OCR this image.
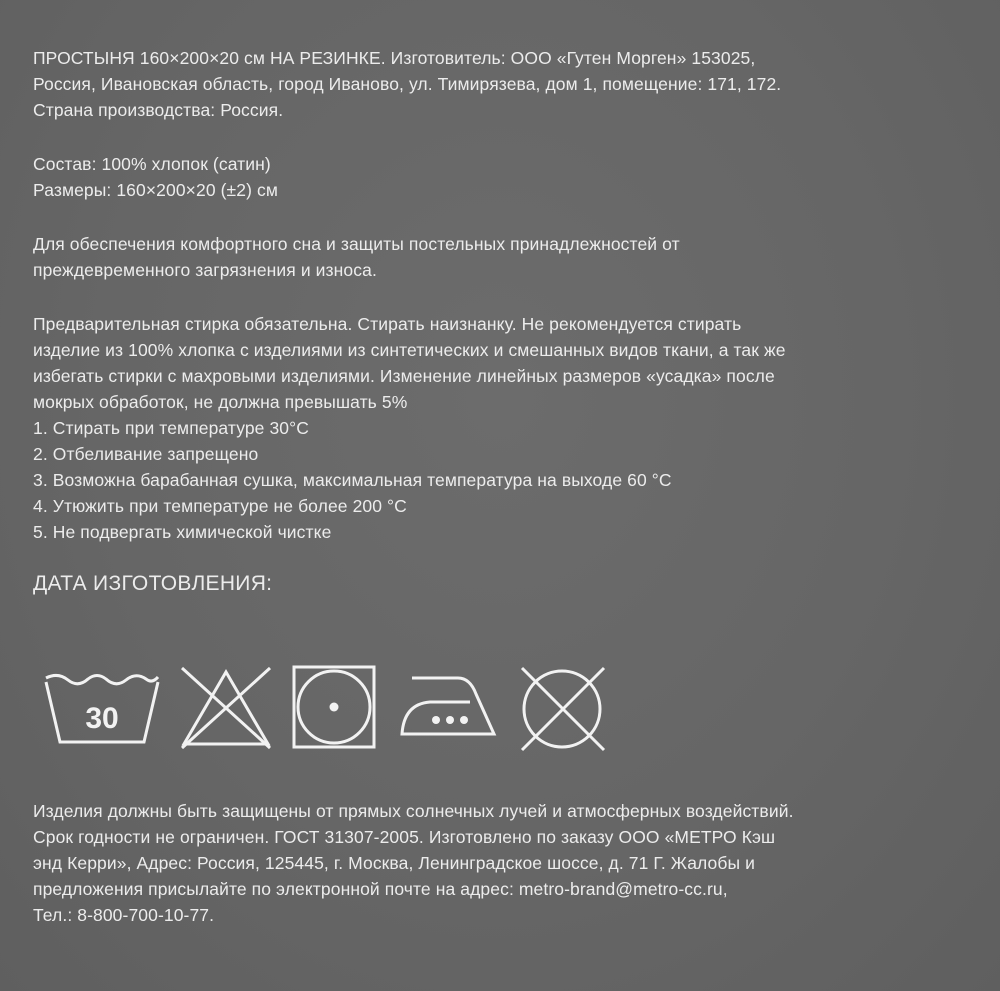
ПРОСТЫНЯ 160×200×20 см НА РЕЗИНКЕ. Изготовитель: ООО «Гутен Морген» 153025,

Россия, Ивановская область, город Иваново, ул. Тимирязева, дом 1, помещение: 171, 172.

Страна производства: Россия.

Состав: 100% хлопок (сатин)

Размеры: 160×200×20 (±2) см

Для обеспечения комфортного сна и защиты постельных принадлежностей от

преждевременного загрязнения и износа.

Предварительная стирка обязательна. Стирать наизнанку. Не рекомендуется стирать

изделие из 100% хлопка с изделиями из синтетических и смешанных видов ткани, а так же

избегать стирки с махровыми изделиями. Изменение линейных размеров «усадка» после

мокрых обработок, не должна превышать 5%

1. Стирать при температуре 30°С
2. Отбеливание запрещено
3. Возможна барабанная сушка, максимальная температура на выходе 60 °С
4. Утюжить при температуре не более 200 °С
5. Не подвергать химической чистке
ДАТА ИЗГОТОВЛЕНИЯ:
30

Изделия должны быть защищены от прямых солнечных лучей и атмосферных воздействий.

Срок годности не ограничен. ГОСТ 31307-2005. Изготовлено по заказу ООО «МЕТРО Кэш

энд Керри», Адрес: Россия, 125445, г. Москва, Ленинградское шоссе, д. 71 Г. Жалобы и

предложения присылайте по электронной почте на адрес: metro-brand@metro-cc.ru,

Тел.: 8-800-700-10-77.
